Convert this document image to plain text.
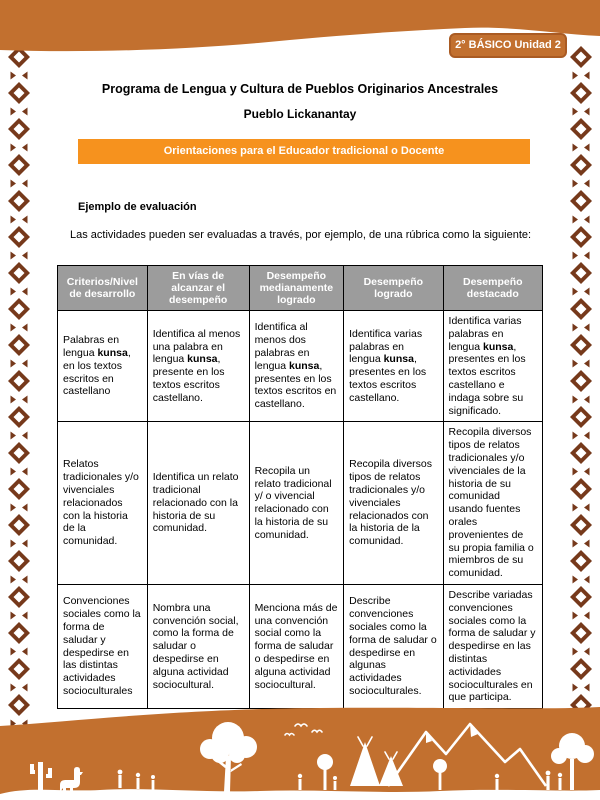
2° BÁSICO Unidad 2
Programa de Lengua y Cultura de Pueblos Originarios Ancestrales
Pueblo Lickanantay
Orientaciones para el Educador tradicional o Docente
Ejemplo de evaluación
Las actividades pueden ser evaluadas a través, por ejemplo, de una rúbrica como la siguiente:
Criterios/Nivel de desarrollo	En vías de alcanzar el desempeño	Desempeño medianamente logrado	Desempeño logrado	Desempeño destacado
Palabras en lengua kunsa, en los textos escritos en castellano	Identifica al menos una palabra en lengua kunsa, presente en los textos escritos castellano.	Identifica al menos dos palabras en lengua kunsa, presentes en los textos escritos en castellano.	Identifica varias palabras en lengua kunsa, presentes en los textos escritos castellano.	Identifica varias palabras en lengua kunsa, presentes en los textos escritos castellano e indaga sobre su significado.
Relatos tradicionales y/o vivenciales relacionados con la historia de la comunidad.	Identifica un relato tradicional relacionado con la historia de su comunidad.	Recopila un relato tradicional y/ o vivencial relacionado con la historia de su comunidad.	Recopila diversos tipos de relatos tradicionales y/o vivenciales relacionados con la historia de la comunidad.	Recopila diversos tipos de relatos tradicionales y/o vivenciales de la historia de su comunidad usando fuentes orales provenientes de su propia familia o miembros de su comunidad.
Convenciones sociales como la forma de saludar y despedirse en las distintas actividades socioculturales	Nombra una convención social, como la forma de saludar o despedirse en alguna actividad sociocultural.	Menciona más de una convención social como la forma de saludar o despedirse en alguna actividad sociocultural.	Describe convenciones sociales como la forma de saludar o despedirse en algunas actividades socioculturales.	Describe variadas convenciones sociales como la forma de saludar y despedirse en las distintas actividades socioculturales en que participa.
